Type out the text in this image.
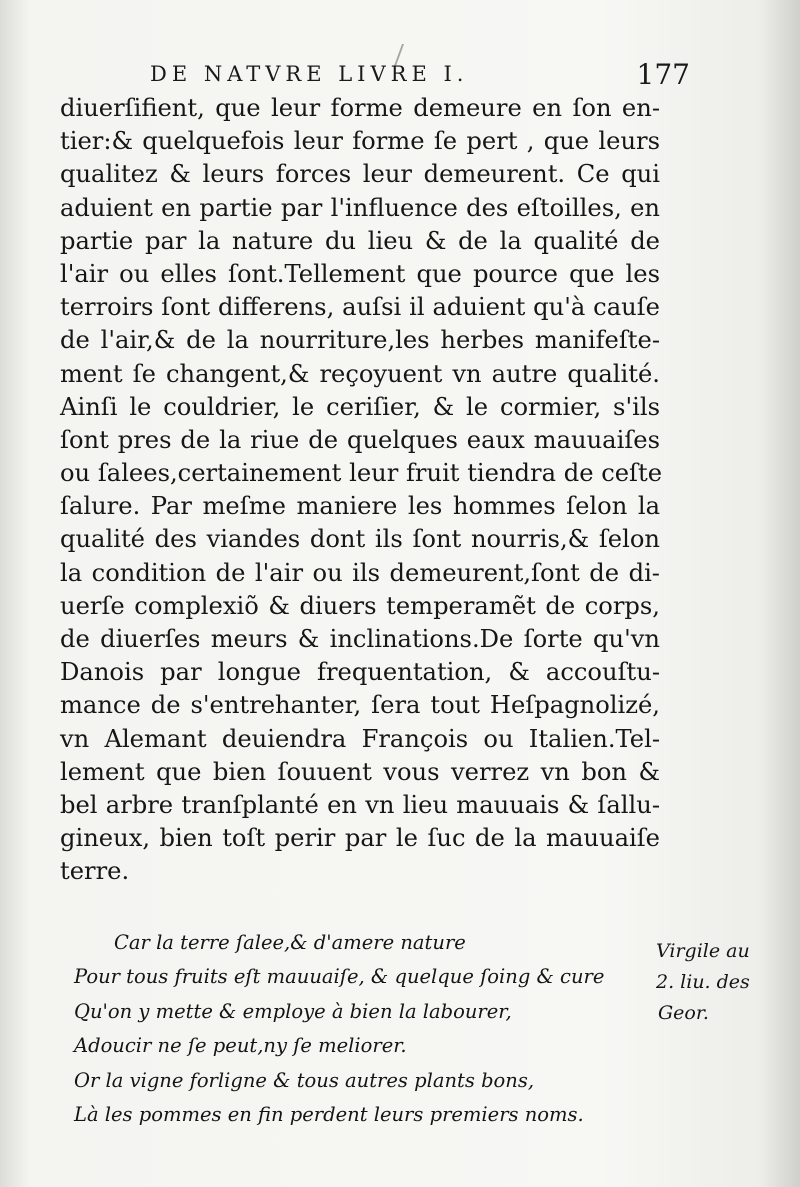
DE NATVRE LIVRE I.	177
diuerſifient, que leur forme demeure en ſon en-
tier:& quelquefois leur forme ſe pert , que leurs
qualitez & leurs forces leur demeurent. Ce qui
aduient en partie par l'influence des eſtoilles, en
partie par la nature du lieu & de la qualité de
l'air ou elles ſont.Tellement que pource que les
terroirs ſont differens, auſsi il aduient qu'à cauſe
de l'air,& de la nourriture,les herbes manifeſte-
ment ſe changent,& reçoyuent vn autre qualité.
Ainſi le couldrier, le ceriſier, & le cormier, s'ils
ſont pres de la riue de quelques eaux mauuaiſes
ou ſalees,certainement leur fruit tiendra de ceſte
ſalure. Par meſme maniere les hommes ſelon la
qualité des viandes dont ils ſont nourris,& ſelon
la condition de l'air ou ils demeurent,ſont de di-
uerſe complexiõ & diuers temperamẽt de corps,
de diuerſes meurs & inclinations.De ſorte qu'vn
Danois par longue frequentation, & accouſtu-
mance de s'entrehanter, ſera tout Heſpagnolizé,
vn Alemant deuiendra François ou Italien.Tel-
lement que bien ſouuent vous verrez vn bon &
bel arbre tranſplanté en vn lieu mauuais & ſallu-
gineux, bien toſt perir par le ſuc de la mauuaiſe
terre.
Car la terre ſalee,& d'amere nature
Pour tous fruits eſt mauuaiſe, & quelque ſoing & cure
Qu'on y mette & employe à bien la labourer,
Adoucir ne ſe peut,ny ſe meliorer.
Or la vigne forligne & tous autres plants bons,
Là les pommes en fin perdent leurs premiers noms.
Virgile au
2. liu. des
Geor.
